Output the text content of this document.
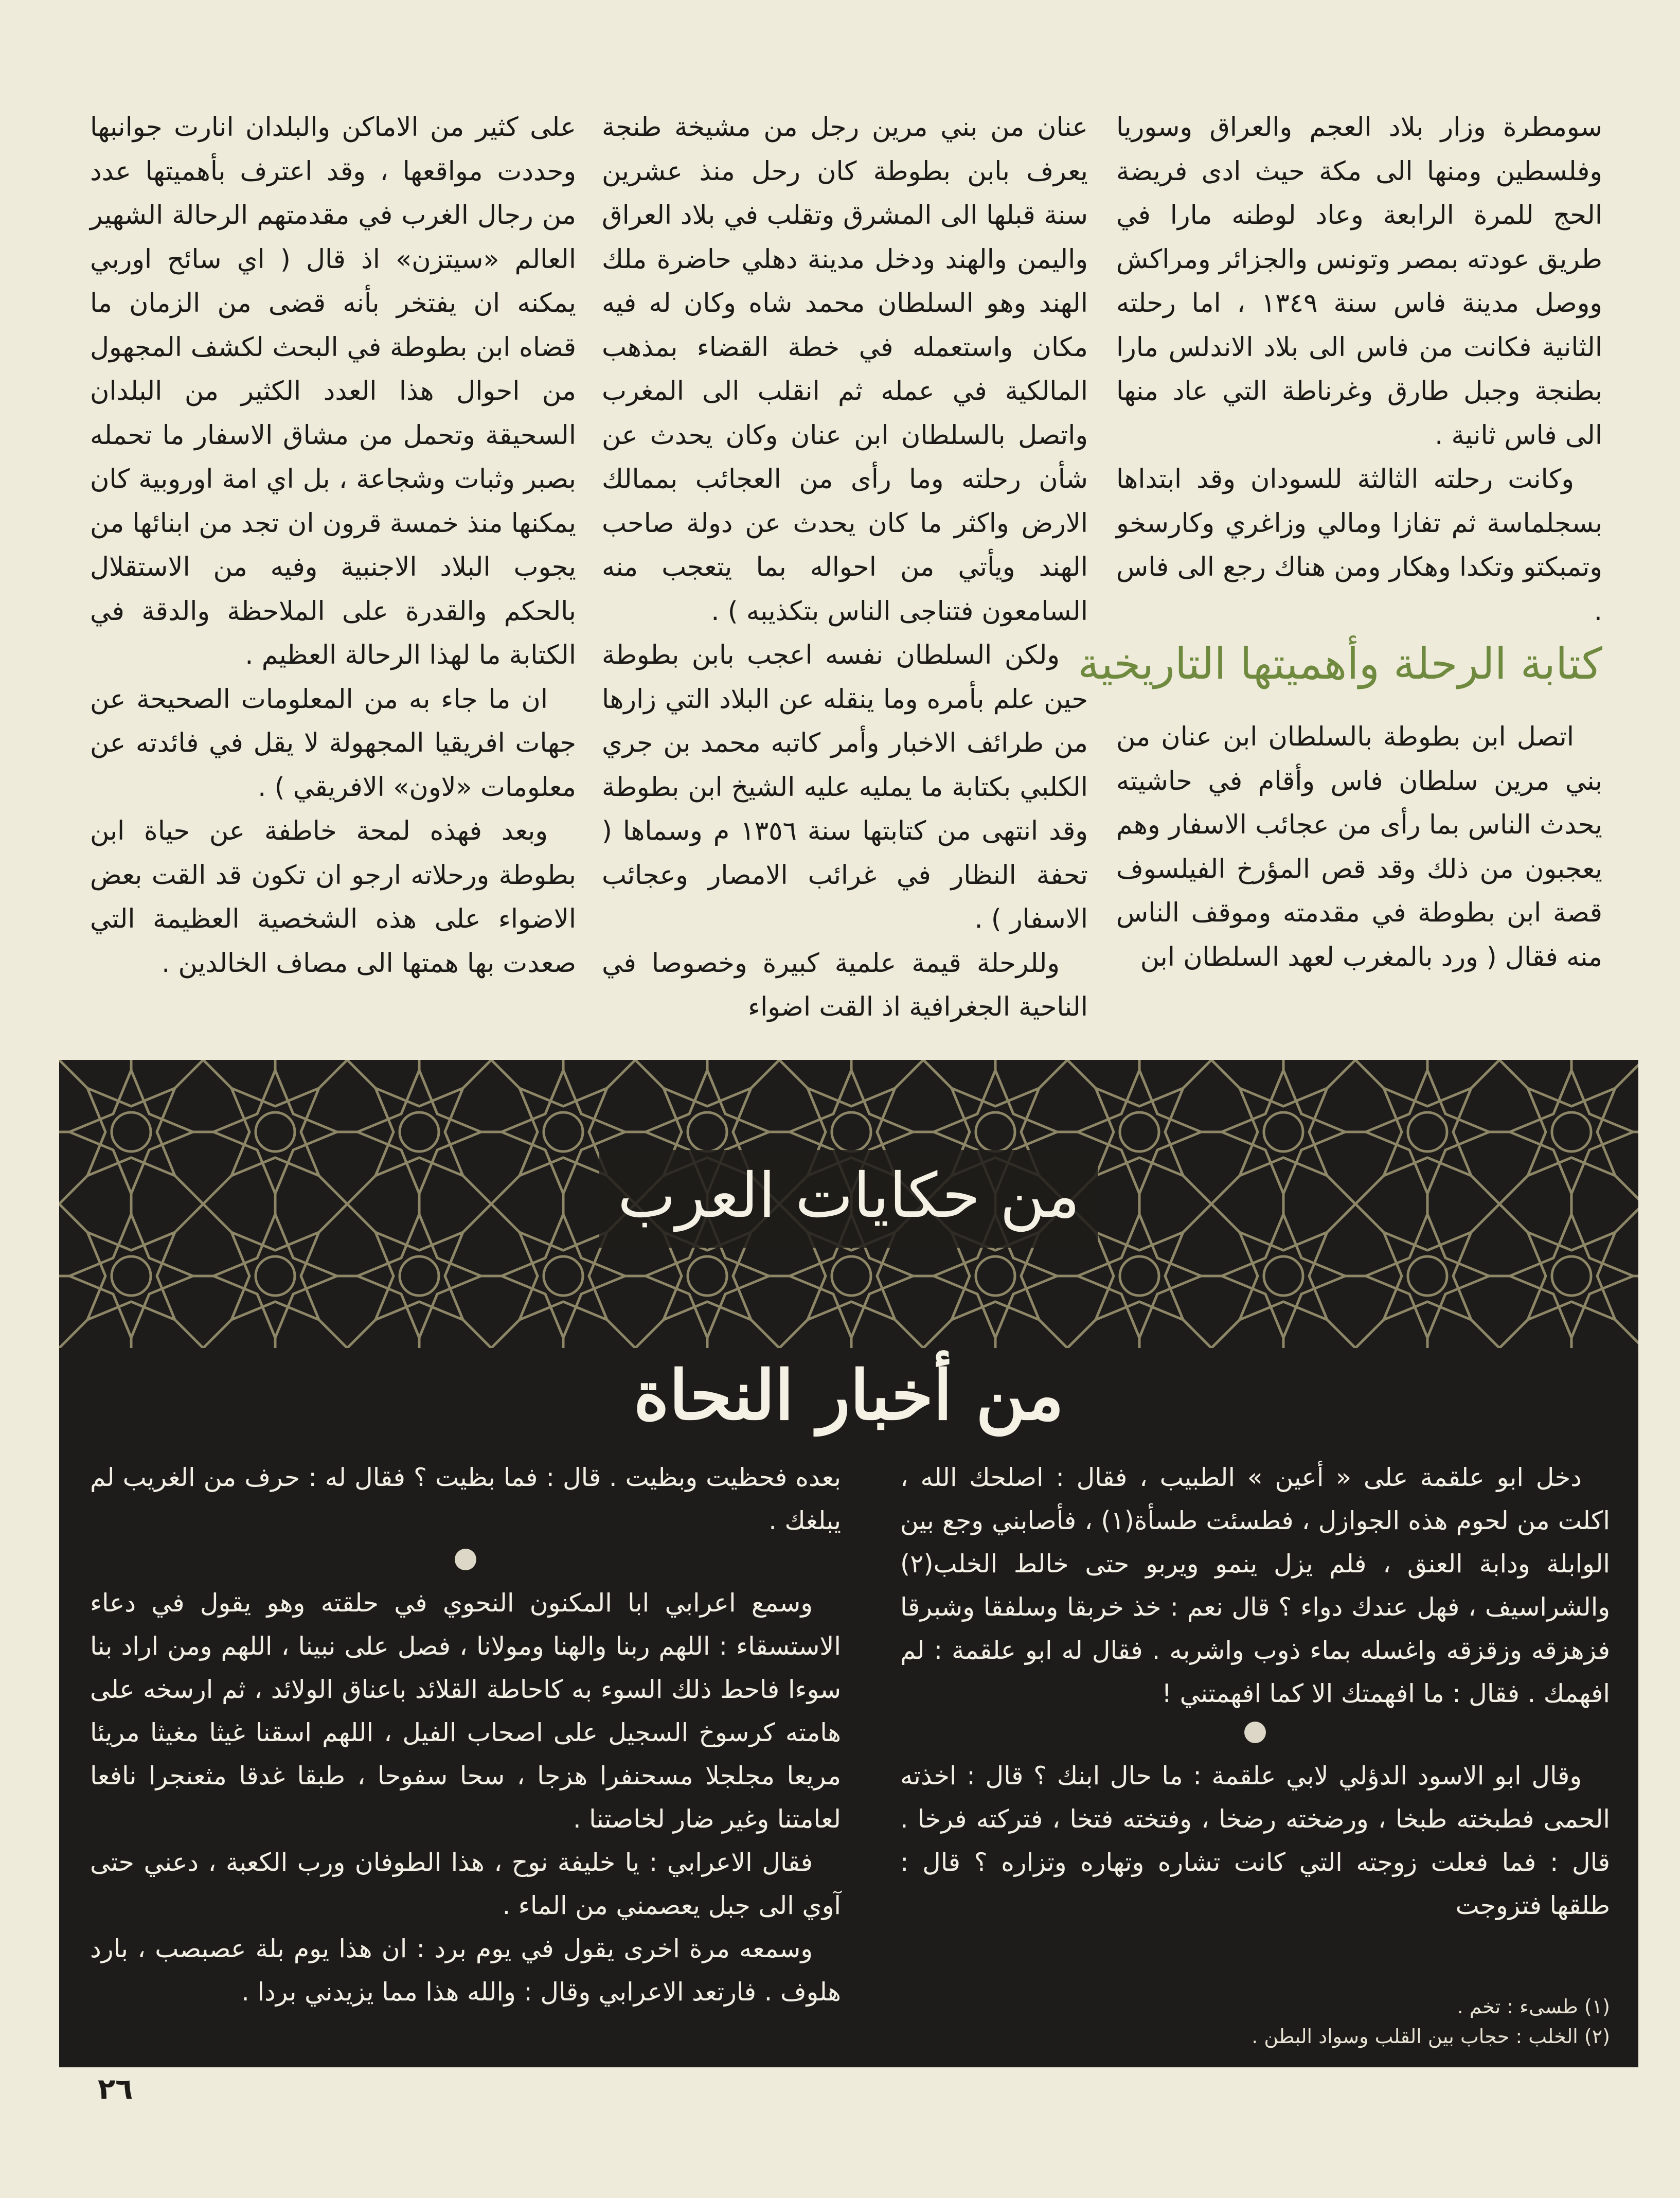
سومطرة وزار بلاد العجم والعراق وسوريا وفلسطين ومنها الى مكة حيث ادى فريضة الحج للمرة الرابعة وعاد لوطنه مارا في طريق عودته بمصر وتونس والجزائر ومراكش ووصل مدينة فاس سنة ١٣٤٩ ، اما رحلته الثانية فكانت من فاس الى بلاد الاندلس مارا بطنجة وجبل طارق وغرناطة التي عاد منها الى فاس ثانية .

وكانت رحلته الثالثة للسودان وقد ابتداها بسجلماسة ثم تفازا ومالي وزاغري وكارسخو وتمبكتو وتكدا وهكار ومن هناك رجع الى فاس .

كتابة الرحلة وأهميتها التاريخية

اتصل ابن بطوطة بالسلطان ابن عنان من بني مرين سلطان فاس وأقام في حاشيته يحدث الناس بما رأى من عجائب الاسفار وهم يعجبون من ذلك وقد قص المؤرخ الفيلسوف قصة ابن بطوطة في مقدمته وموقف الناس منه فقال ( ورد بالمغرب لعهد السلطان ابن

عنان من بني مرين رجل من مشيخة طنجة يعرف بابن بطوطة كان رحل منذ عشرين سنة قبلها الى المشرق وتقلب في بلاد العراق واليمن والهند ودخل مدينة دهلي حاضرة ملك الهند وهو السلطان محمد شاه وكان له فيه مكان واستعمله في خطة القضاء بمذهب المالكية في عمله ثم انقلب الى المغرب واتصل بالسلطان ابن عنان وكان يحدث عن شأن رحلته وما رأى من العجائب بممالك الارض واكثر ما كان يحدث عن دولة صاحب الهند ويأتي من احواله بما يتعجب منه السامعون فتناجى الناس بتكذيبه ) .

ولكن السلطان نفسه اعجب بابن بطوطة حين علم بأمره وما ينقله عن البلاد التي زارها من طرائف الاخبار وأمر كاتبه محمد بن جري الكلبي بكتابة ما يمليه عليه الشيخ ابن بطوطة وقد انتهى من كتابتها سنة ١٣٥٦ م وسماها ( تحفة النظار في غرائب الامصار وعجائب الاسفار ) .

وللرحلة قيمة علمية كبيرة وخصوصا في الناحية الجغرافية اذ القت اضواء

على كثير من الاماكن والبلدان انارت جوانبها وحددت مواقعها ، وقد اعترف بأهميتها عدد من رجال الغرب في مقدمتهم الرحالة الشهير العالم «سيتزن» اذ قال ( اي سائح اوربي يمكنه ان يفتخر بأنه قضى من الزمان ما قضاه ابن بطوطة في البحث لكشف المجهول من احوال هذا العدد الكثير من البلدان السحيقة وتحمل من مشاق الاسفار ما تحمله بصبر وثبات وشجاعة ، بل اي امة اوروبية كان يمكنها منذ خمسة قرون ان تجد من ابنائها من يجوب البلاد الاجنبية وفيه من الاستقلال بالحكم والقدرة على الملاحظة والدقة في الكتابة ما لهذا الرحالة العظيم .

ان ما جاء به من المعلومات الصحيحة عن جهات افريقيا المجهولة لا يقل في فائدته عن معلومات «لاون» الافريقي ) .

وبعد فهذه لمحة خاطفة عن حياة ابن بطوطة ورحلاته ارجو ان تكون قد القت بعض الاضواء على هذه الشخصية العظيمة التي صعدت بها همتها الى مصاف الخالدين .

من حكايات العرب
من أخبار النحاة

دخل ابو علقمة على « أعين » الطبيب ، فقال : اصلحك الله ، اكلت من لحوم هذه الجوازل ، فطسئت طسأة(١) ، فأصابني وجع بين الوابلة ودابة العنق ، فلم يزل ينمو ويربو حتى خالط الخلب(٢) والشراسيف ، فهل عندك دواء ؟ قال نعم : خذ خربقا وسلفقا وشبرقا فزهزقه وزقزقه واغسله بماء ذوب واشربه . فقال له ابو علقمة : لم افهمك . فقال : ما افهمتك الا كما افهمتني !

وقال ابو الاسود الدؤلي لابي علقمة : ما حال ابنك ؟ قال : اخذته الحمى فطبخته طبخا ، ورضخته رضخا ، وفتخته فتخا ، فتركته فرخا . قال : فما فعلت زوجته التي كانت تشاره وتهاره وتزاره ؟ قال : طلقها فتزوجت

(١) طسىء : تخم .
(٢) الخلب : حجاب بين القلب وسواد البطن .

بعده فحظيت وبظيت . قال : فما بظيت ؟ فقال له : حرف من الغريب لم يبلغك .

وسمع اعرابي ابا المكنون النحوي في حلقته وهو يقول في دعاء الاستسقاء : اللهم ربنا والهنا ومولانا ، فصل على نبينا ، اللهم ومن اراد بنا سوءا فاحط ذلك السوء به كاحاطة القلائد باعناق الولائد ، ثم ارسخه على هامته كرسوخ السجيل على اصحاب الفيل ، اللهم اسقنا غيثا مغيثا مريئا مريعا مجلجلا مسحنفرا هزجا ، سحا سفوحا ، طبقا غدقا مثعنجرا نافعا لعامتنا وغير ضار لخاصتنا .

فقال الاعرابي : يا خليفة نوح ، هذا الطوفان ورب الكعبة ، دعني حتى آوي الى جبل يعصمني من الماء .

وسمعه مرة اخرى يقول في يوم برد : ان هذا يوم بلة عصبصب ، بارد هلوف . فارتعد الاعرابي وقال : والله هذا مما يزيدني بردا .

٢٦
